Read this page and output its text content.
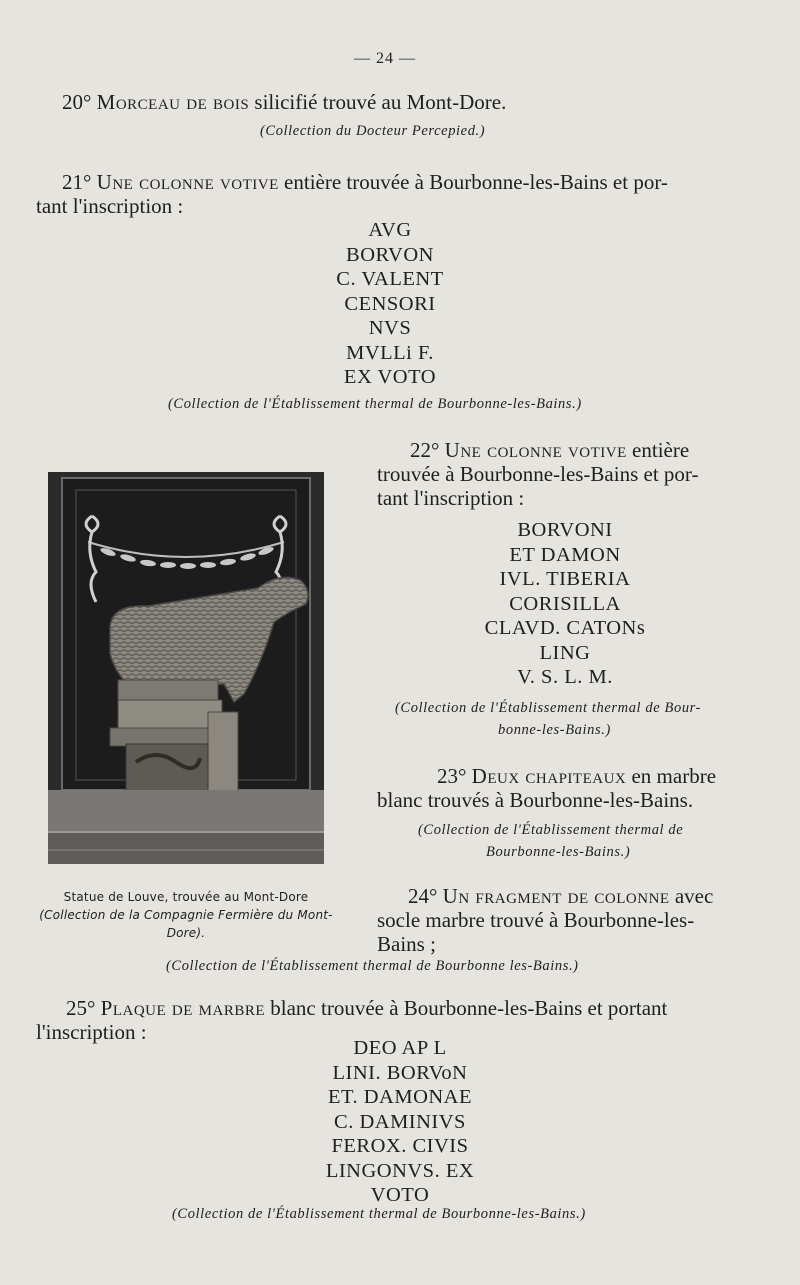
— 24 —
20° Morceau de bois silicifié trouvé au Mont-Dore.
(Collection du Docteur Percepied.)
21° Une colonne votive entière trouvée à Bourbonne-les-Bains et por-
tant l'inscription :
AVG
BORVON
C. VALENT
CENSORI
NVS
MVLLi F.
EX VOTO
(Collection de l'Établissement thermal de Bourbonne-les-Bains.)
22° Une colonne votive entière
trouvée à Bourbonne-les-Bains et por-
tant l'inscription :
BORVONI
ET DAMON
IVL. TIBERIA
CORISILLA
CLAVD. CATONs
LING
V. S. L. M.
(Collection de l'Établissement thermal de Bour-
bonne-les-Bains.)
23° Deux chapiteaux en marbre
blanc trouvés à Bourbonne-les-Bains.
(Collection de l'Établissement thermal de
Bourbonne-les-Bains.)
Statue de Louve, trouvée au Mont-Dore
(Collection de la Compagnie Fermière du Mont-Dore).
24° Un fragment de colonne avec
socle marbre trouvé à Bourbonne-les-
Bains ;
(Collection de l'Établissement thermal de Bourbonne les-Bains.)
25° Plaque de marbre blanc trouvée à Bourbonne-les-Bains et portant
l'inscription :
DEO AP L
LINI. BORVoN
ET. DAMONAE
C. DAMINIVS
FEROX. CIVIS
LINGONVS. EX
VOTO
(Collection de l'Établissement thermal de Bourbonne-les-Bains.)
